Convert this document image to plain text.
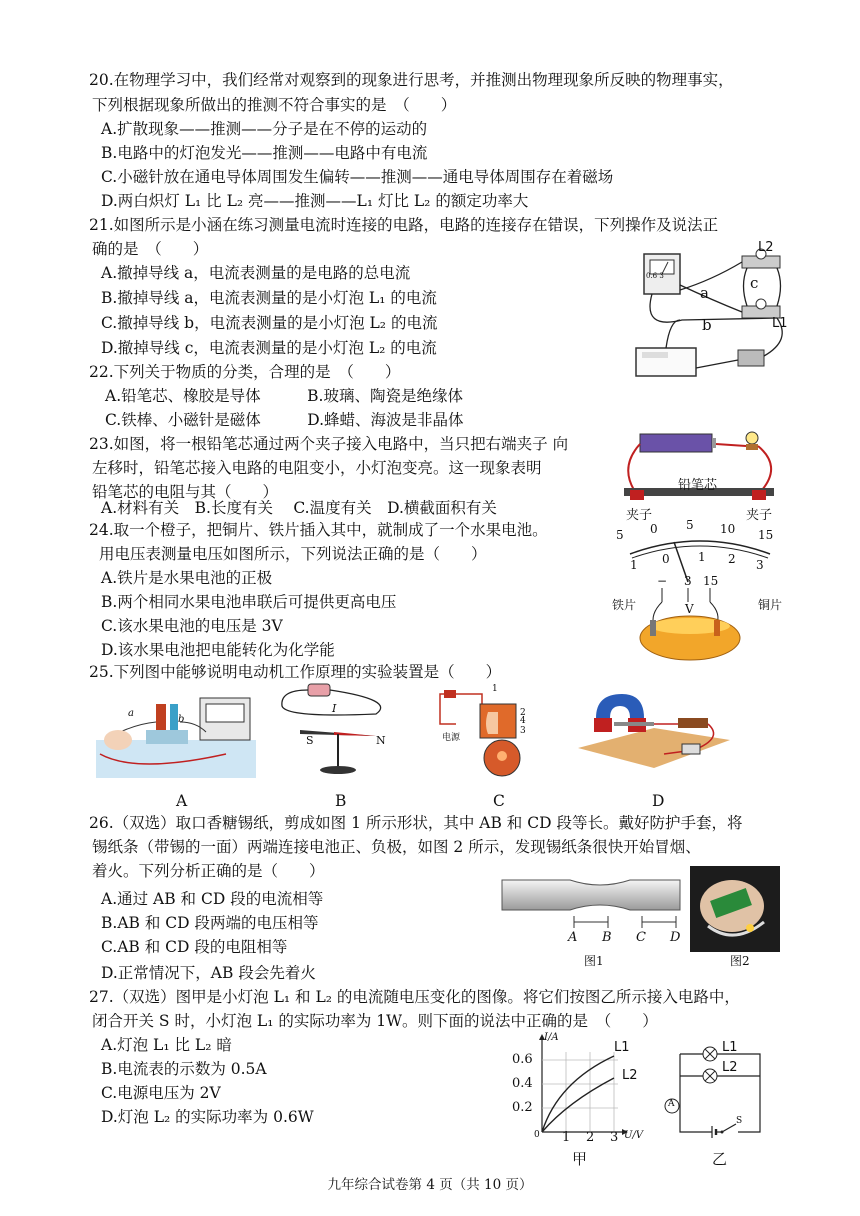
20.在物理学习中，我们经常对观察到的现象进行思考，并推测出物理现象所反映的物理事实，
下列根据现象所做出的推测不符合事实的是　（　　）
A.扩散现象——推测——分子是在不停的运动的
B.电路中的灯泡发光——推测——电路中有电流
C.小磁针放在通电导体周围发生偏转——推测——通电导体周围存在着磁场
D.两白炽灯 L₁ 比 L₂ 亮——推测——L₁ 灯比 L₂ 的额定功率大
21.如图所示是小涵在练习测量电流时连接的电路，电路的连接存在错误，下列操作及说法正
确的是　（　　）
A.撤掉导线 a，电流表测量的是电路的总电流
B.撤掉导线 a，电流表测量的是小灯泡 L₁ 的电流
C.撤掉导线 b，电流表测量的是小灯泡 L₂ 的电流
D.撤掉导线 c，电流表测量的是小灯泡 L₂ 的电流
L2
L1
a
b
c
0.6 3
22.下列关于物质的分类，合理的是　（　　）
A.铅笔芯、橡胶是导体　　　B.玻璃、陶瓷是绝缘体
C.铁棒、小磁针是磁体　　　D.蜂蜡、海波是非晶体
23.如图，将一根铅笔芯通过两个夹子接入电路中，当只把右端夹子 向
左移时，铅笔芯接入电路的电阻变小，小灯泡变亮。这一现象表明
铅笔芯的电阻与其（　　）
A.材料有关　B.长度有关　 C.温度有关　D.横截面积有关
铅笔芯
夹子	夹子
24.取一个橙子，把铜片、铁片插入其中，就制成了一个水果电池。
用电压表测量电压如图所示，下列说法正确的是（　　）
A.铁片是水果电池的正极
B.两个相同水果电池串联后可提供更高电压
C.该水果电池的电压是 3V
D.该水果电池把电能转化为化学能
5 0 5 10 15
1 0 1 2 3
− 3 15
V
铁片	铜片
25.下列图中能够说明电动机工作原理的实验装置是（　　）
a
b
I
S	N	电源
1
2
4
3
A	B	C	D
26.（双选）取口香糖锡纸，剪成如图 1 所示形状，其中 AB 和 CD 段等长。戴好防护手套，将
锡纸条（带锡的一面）两端连接电池正、负极，如图 2 所示，发现锡纸条很快开始冒烟、
着火。下列分析正确的是（　　）
A.通过 AB 和 CD 段的电流相等
B.AB 和 CD 段两端的电压相等
C.AB 和 CD 段的电阻相等
D.正常情况下，AB 段会先着火
A B C D
图1	图2
27.（双选）图甲是小灯泡 L₁ 和 L₂ 的电流随电压变化的图像。将它们按图乙所示接入电路中，
闭合开关 S 时，小灯泡 L₁ 的实际功率为 1W。则下面的说法中正确的是　（　　）
A.灯泡 L₁ 比 L₂ 暗
B.电流表的示数为 0.5A
C.电源电压为 2V
D.灯泡 L₂ 的实际功率为 0.6W
I/A
U/V
0.6
0.4
0.2
0 1 2 3
L1
L2
甲
L1
L2
A
S
乙
九年综合试卷第 4 页（共 10 页）
